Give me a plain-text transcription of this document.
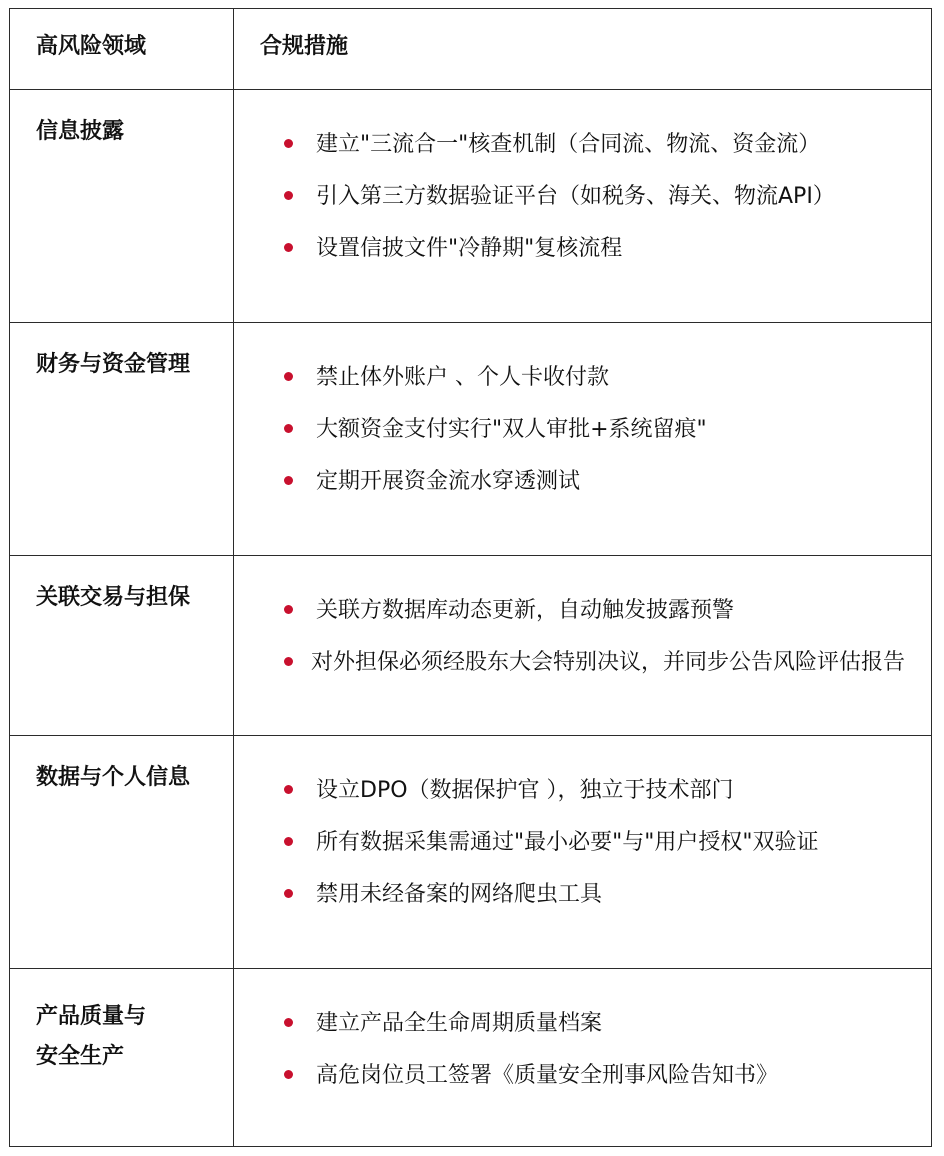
高风险领域	合规措施
信息披露

建立"三流合一"核查机制（合同流、物流、资金流）

引入第三方数据验证平台（如税务、海关、物流API）

设置信披文件"冷静期"复核流程

财务与资金管理

禁止体外账户 、个人卡收付款

大额资金支付实行"双人审批+系统留痕"

定期开展资金流水穿透测试

关联交易与担保

关联方数据库动态更新，自动触发披露预警

对外担保必须经股东大会特别决议，并同步公告风险评估报告

数据与个人信息

设立DPO（数据保护官 ），独立于技术部门

所有数据采集需通过"最小必要"与"用户授权"双验证

禁用未经备案的网络爬虫工具

产品质量与
安全生产

建立产品全生命周期质量档案

高危岗位员工签署《质量安全刑事风险告知书》
